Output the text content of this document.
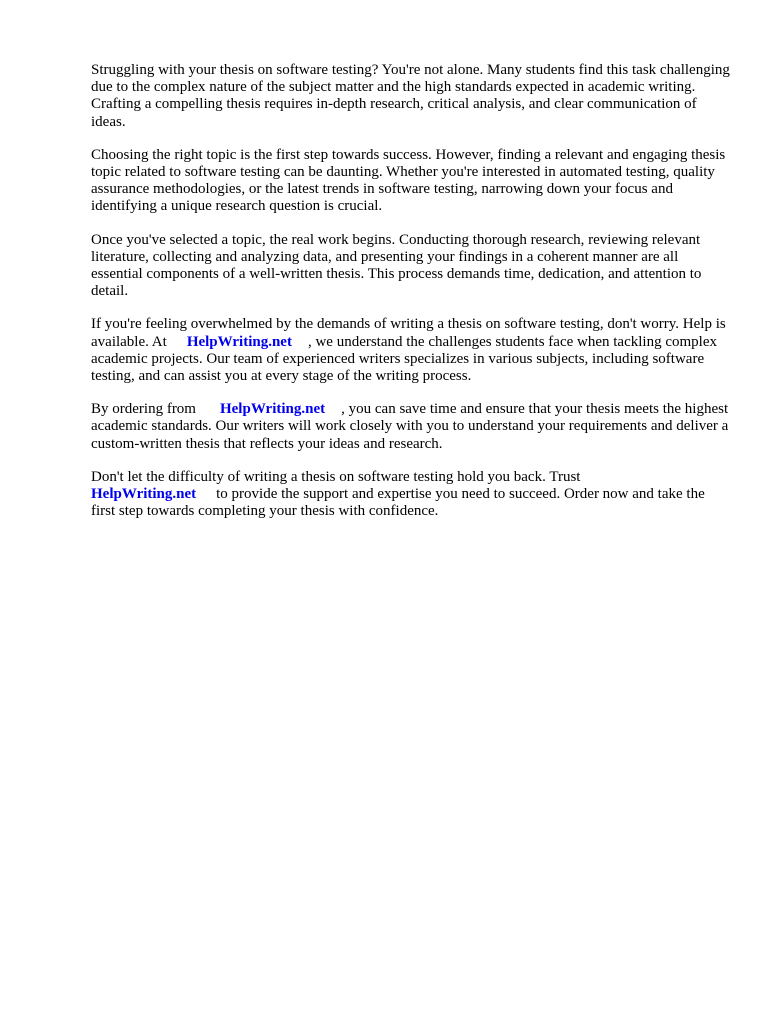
Struggling with your thesis on software testing? You're not alone. Many students find this task challenging due to the complex nature of the subject matter and the high standards expected in academic writing. Crafting a compelling thesis requires in-depth research, critical analysis, and clear communication of ideas.

Choosing the right topic is the first step towards success. However, finding a relevant and engaging thesis topic related to software testing can be daunting. Whether you're interested in automated testing, quality assurance methodologies, or the latest trends in software testing, narrowing down your focus and identifying a unique research question is crucial.

Once you've selected a topic, the real work begins. Conducting thorough research, reviewing relevant literature, collecting and analyzing data, and presenting your findings in a coherent manner are all essential components of a well-written thesis. This process demands time, dedication, and attention to detail.

If you're feeling overwhelmed by the demands of writing a thesis on software testing, don't worry. Help is available. At HelpWriting.net , we understand the challenges students face when tackling complex academic projects. Our team of experienced writers specializes in various subjects, including software testing, and can assist you at every stage of the writing process.

By ordering from HelpWriting.net , you can save time and ensure that your thesis meets the highest academic standards. Our writers will work closely with you to understand your requirements and deliver a custom-written thesis that reflects your ideas and research.

Don't let the difficulty of writing a thesis on software testing hold you back. Trust
HelpWriting.net to provide the support and expertise you need to succeed. Order now and take the first step towards completing your thesis with confidence.
